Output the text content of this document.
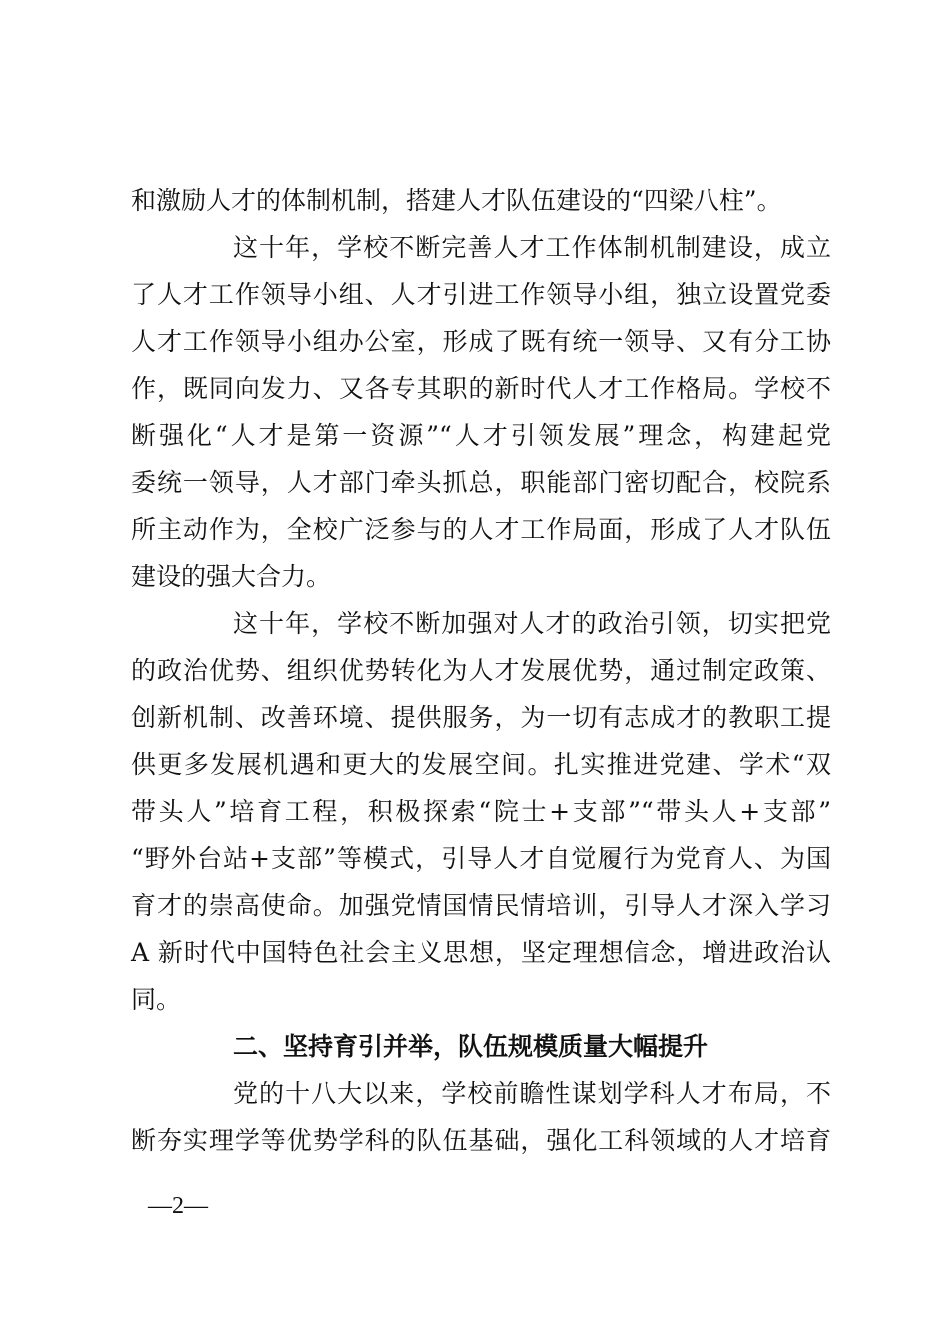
和激励人才的体制机制，搭建人才队伍建设的“四梁八柱”。
这十年，学校不断完善人才工作体制机制建设，成立
了人才工作领导小组、人才引进工作领导小组，独立设置党委
人才工作领导小组办公室，形成了既有统一领导、又有分工协
作，既同向发力、又各专其职的新时代人才工作格局。学校不
断强化“人才是第一资源”“人才引领发展”理念，构建起党
委统一领导，人才部门牵头抓总，职能部门密切配合，校院系
所主动作为，全校广泛参与的人才工作局面，形成了人才队伍
建设的强大合力。
这十年，学校不断加强对人才的政治引领，切实把党
的政治优势、组织优势转化为人才发展优势，通过制定政策、
创新机制、改善环境、提供服务，为一切有志成才的教职工提
供更多发展机遇和更大的发展空间。扎实推进党建、学术“双
带头人”培育工程，积极探索“院士+支部”“带头人+支部”
“野外台站+支部”等模式，引导人才自觉履行为党育人、为国
育才的崇高使命。加强党情国情民情培训，引导人才深入学习
A 新时代中国特色社会主义思想，坚定理想信念，增进政治认
同。
二、坚持育引并举，队伍规模质量大幅提升
党的十八大以来，学校前瞻性谋划学科人才布局，不
断夯实理学等优势学科的队伍基础，强化工科领域的人才培育
—2—
